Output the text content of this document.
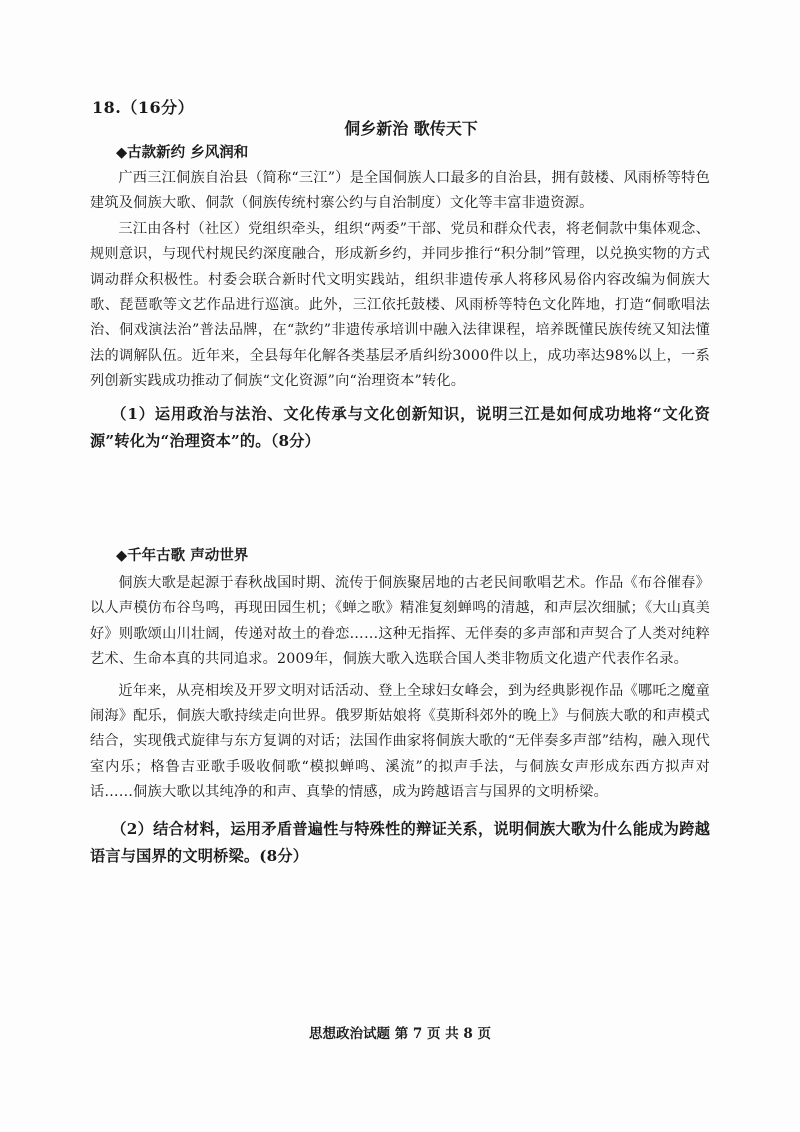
18.（16分）
侗乡新治 歌传天下

◆古款新约 乡风润和

广西三江侗族自治县（简称“三江”）是全国侗族人口最多的自治县，拥有鼓楼、风雨桥等特色建筑及侗族大歌、侗款（侗族传统村寨公约与自治制度）文化等丰富非遗资源。

三江由各村（社区）党组织牵头，组织“两委”干部、党员和群众代表，将老侗款中集体观念、规则意识，与现代村规民约深度融合，形成新乡约，并同步推行“积分制”管理，以兑换实物的方式调动群众积极性。村委会联合新时代文明实践站，组织非遗传承人将移风易俗内容改编为侗族大歌、琵琶歌等文艺作品进行巡演。此外，三江依托鼓楼、风雨桥等特色文化阵地，打造“侗歌唱法治、侗戏演法治”普法品牌，在“款约”非遗传承培训中融入法律课程，培养既懂民族传统又知法懂法的调解队伍。近年来，全县每年化解各类基层矛盾纠纷3000件以上，成功率达98%以上，一系列创新实践成功推动了侗族“文化资源”向“治理资本”转化。

（1）运用政治与法治、文化传承与文化创新知识，说明三江是如何成功地将“文化资源”转化为“治理资本”的。（8分）

◆千年古歌 声动世界

侗族大歌是起源于春秋战国时期、流传于侗族聚居地的古老民间歌唱艺术。作品《布谷催春》以人声模仿布谷鸟鸣，再现田园生机；《蝉之歌》精准复刻蝉鸣的清越，和声层次细腻；《大山真美好》则歌颂山川壮阔，传递对故土的眷恋……这种无指挥、无伴奏的多声部和声契合了人类对纯粹艺术、生命本真的共同追求。2009年，侗族大歌入选联合国人类非物质文化遗产代表作名录。

近年来，从亮相埃及开罗文明对话活动、登上全球妇女峰会，到为经典影视作品《哪吒之魔童闹海》配乐，侗族大歌持续走向世界。俄罗斯姑娘将《莫斯科郊外的晚上》与侗族大歌的和声模式结合，实现俄式旋律与东方复调的对话；法国作曲家将侗族大歌的“无伴奏多声部”结构，融入现代室内乐；格鲁吉亚歌手吸收侗歌“模拟蝉鸣、溪流”的拟声手法，与侗族女声形成东西方拟声对话……侗族大歌以其纯净的和声、真挚的情感，成为跨越语言与国界的文明桥梁。

（2）结合材料，运用矛盾普遍性与特殊性的辩证关系，说明侗族大歌为什么能成为跨越语言与国界的文明桥梁。(8分）

思想政治试题 第 7 页 共 8 页
